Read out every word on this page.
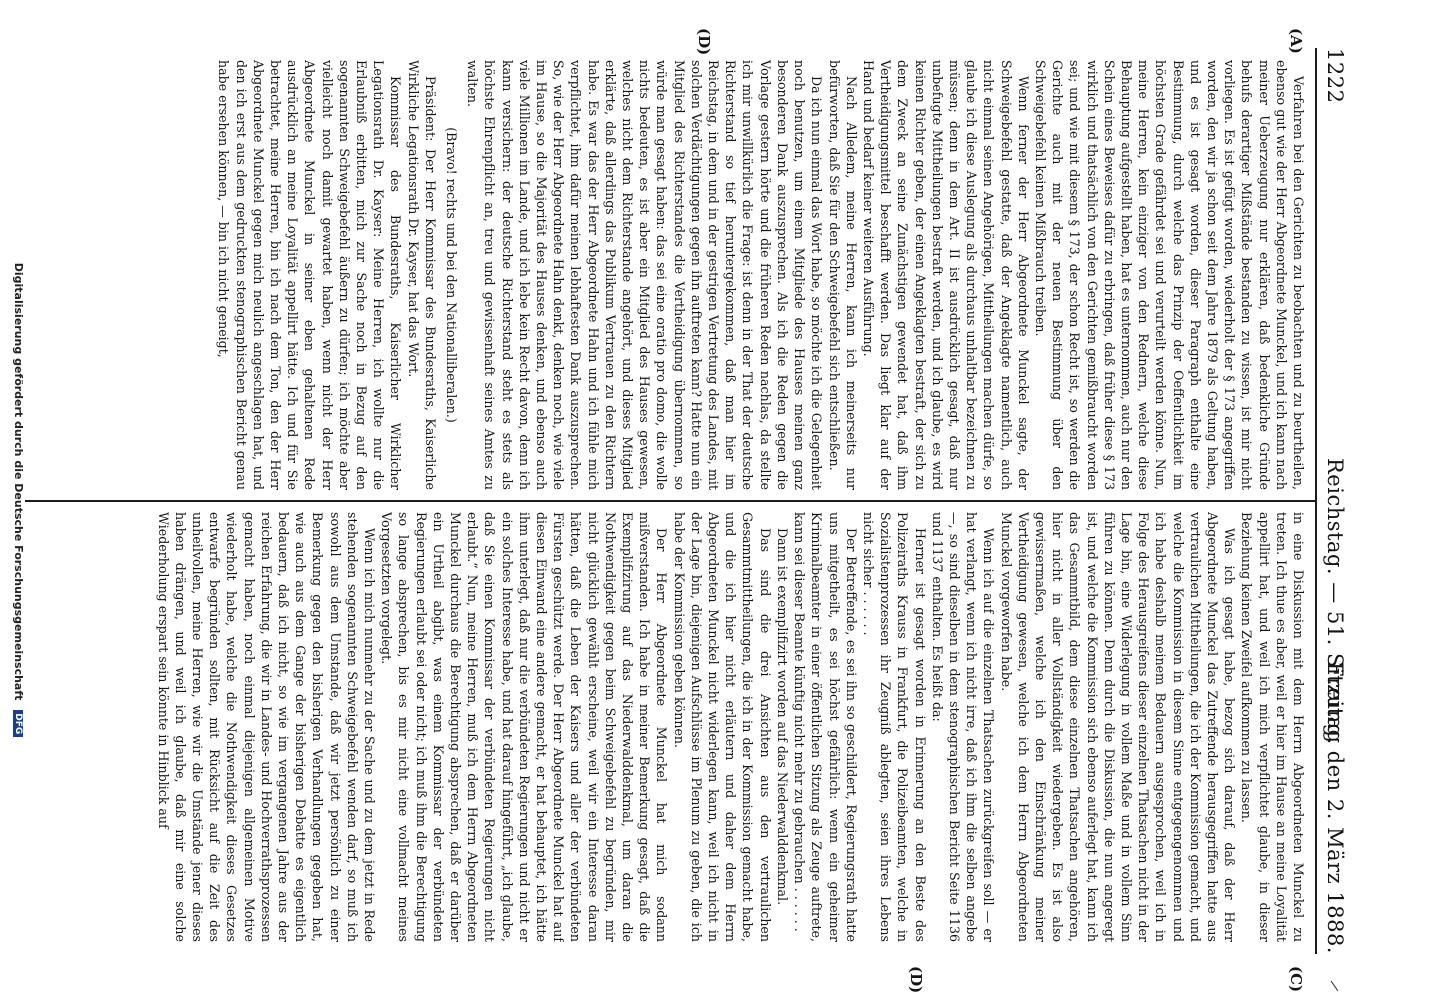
1222
Reichstag. — 51. Sitzung.
Freitag den 2. März 1888.
(A)
(D)
(C)
(D)

Verfahren bei den Gerichten zu beobachten und zu beurtheilen, ebenso gut wie der Herr Abgeordnete Munckel, und ich kann nach meiner Ueberzeugung nur erklären, daß bedenkliche Gründe behufs derartiger Mißstände bestanden zu wissen, ist mir nicht vorliegen. Es ist gefügt worden, wiederholt der § 173 angegriffen worden, den wir ja schon seit dem Jahre 1879 als Geltung haben, und es ist gesagt worden, dieser Paragraph enthalte eine Bestimmung, durch welche das Prinzip der Oeffentlichkeit im höchsten Grade gefährdet sei und verurteilt werden könne. Nun, meine Herren, kein einziger von den Rednern, welche diese Behauptung aufgestellt haben, hat es unternommen, auch nur den Schein eines Beweises dafür zu erbringen, daß früher diese § 173 wirklich und thatsächlich von den Gerichten gemißbraucht worden sei; und wie mit diesem § 173, der schon Recht ist, so werden die Gerichte auch mit der neuen Bestimmung über den Schweigebefehl keinen Mißbrauch treiben.

Wenn ferner der Herr Abgeordnete Munckel sagte, der Schweigebefehl gestatte, daß der Angeklagte namentlich, auch nicht einmal seinen Angehörigen, Mittheilungen machen dürfe, so glaube ich diese Auslegung als durchaus unhaltbar bezeichnen zu müssen; denn in dem Art. II ist ausdrücklich gesagt, daß nur unbefugte Mittheilungen bestraft werden, und ich glaube, es wird keinen Richter geben, der einen Angeklagten bestraft, der sich zu dem Zweck an seine Zunächstigen gewendet hat, daß ihm Vertheidigungsmittel beschafft werden. Das liegt klar auf der Hand und bedarf keiner weiteren Ausführung.

Nach Alledem, meine Herren, kann ich meinerseits nur befürworten, daß Sie für den Schweigebefehl sich entschließen.

Da ich nun einmal das Wort habe, so möchte ich die Gelegenheit noch benutzen, um einem Mitgliede des Hauses meinen ganz besonderen Dank auszusprechen. Als ich die Reden gegen die Vorlage gestern hörte und die früheren Reden nachlas, da stellte ich mir unwillkürlich die Frage: ist denn in der That der deutsche Richterstand so tief heruntergekommen, daß man hier im Reichstag, in dem und in der gestrigen Vertretung des Landes, mit solchen Verdächtigungen gegen ihn auftreten kann? Hatte nun ein Mitglied des Richterstandes die Vertheidigung übernommen, so würde man gesagt haben: das sei eine oratio pro domo, die wolle nichts bedeuten, es ist aber ein Mitglied des Hauses gewesen, welches nicht dem Richterstande angehört, und dieses Mitglied erklärte, daß allerdings das Publikum Vertrauen zu den Richtern habe. Es war das der Herr Abgeordnete Hahn und ich fühle mich verpflichtet, ihm dafür meinen lebhaftesten Dank auszusprechen. So, wie der Herr Abgeordnete Hahn denkt, denken noch, wie viele im Hause, so die Majorität des Hauses denken, und ebenso auch viele Millionen im Lande, und ich lebe kein Recht davon, denn ich kann versichern: der deutsche Richterstand steht es stets als höchste Ehrenpflicht an, treu und gewissenhaft seines Amtes zu walten.

(Bravo! rechts und bei den Nationalliberalen.)

Präsident: Der Herr Kommissar des Bundesraths, Kaiserliche Wirkliche Legationsrath Dr. Kayser, hat das Wort.

Kommissar des Bundesraths, Kaiserlicher Wirklicher Legationsrath Dr. Kayser: Meine Herren, ich wollte nur die Erlaubniß erbitten, mich zur Sache noch in Bezug auf den sogenannten Schweigebefehl äußern zu dürfen; ich möchte aber vielleicht noch damit gewartet haben, wenn nicht der Herr Abgeordnete Munckel in seiner eben gehaltenen Rede ausdrücklich an meine Loyalität appellirt hätte. Ich und für Sie betrachtet, meine Herren, bin ich nach dem Ton, den der Herr Abgeordnete Munckel gegen mich neulich angeschlagen hat, und den ich erst aus dem gedruckten stenographischen Bericht genau habe ersehen können, — bin ich nicht geneigt,

in eine Diskussion mit dem Herrn Abgeordneten Munckel zu treten. Ich thue es aber, weil er hier im Hause an meine Loyalität appellirt hat, und weil ich mich verpflichtet glaube, in dieser Beziehung keinen Zweifel aufkommen zu lassen.

Was ich gesagt habe, bezog sich darauf, daß der Herr Abgeordnete Munckel das Zutreffende herausgegriffen hatte aus vertraulichen Mittheilungen, die ich der Kommission gemacht, und welche die Kommission in diesem Sinne entgegengenommen und ich habe deshalb meinem Bedauern ausgesprochen, weil ich in Folge des Herausgreifens dieser einzelnen Thatsachen nicht in der Lage bin, eine Widerlegung in vollem Maße und in vollem Sinn führen zu können. Denn durch die Diskussion, die nun angeregt ist, und welche die Kommission sich ebenso auferlegt hat, kann ich das Gesammtbild, dem diese einzelnen Thatsachen angehören, hier nicht in aller Vollständigkeit wiedergeben. Es ist also gewissermaßen, welche ich den Einschränkung meiner Vertheidigung gewesen, welche ich dem Herrn Abgeordneten Munckel vorgeworfen habe.

Wenn ich auf die einzelnen Thatsachen zurückgreifen soll — er hat verlangt, wenn ich nicht irre, daß ich ihm die selben angebe —, so sind dieselben in dem stenographischen Bericht Seite 1136 und 1137 enthalten. Es heißt da:

Herner ist gesagt worden in Erinnerung an den Beste des Polizeiraths Krauss in Frankfurt, die Polizeibeamten, welche in Sozialistenprozessen ihr Zeugniß ablegten, seien ihres Lebens nicht sicher . . . . . .

Der Betreffende, es sei ihn so geschildert, Regierungsrath hatte uns mitgetheilt, es sei höchst gefährlich: wenn ein geheimer Kriminalbeamter in einer öffentlichen Sitzung als Zeuge auftrete, kann sei dieser Beamte künftig nicht mehr zu gebrauchen . . . . . .

Dann ist exemplifizirt worden auf das Niederwalddenkmal.

Das sind die drei Ansichten aus den vertraulichen Gesammtmittheilungen, die ich in der Kommission gemacht habe, und die ich hier nicht erläutern und daher dem Herrn Abgeordneten Munckel nicht widerlegen kann, weil ich nicht in der Lage bin, diejenigen Aufschlüsse im Plenum zu geben, die ich habe der Kommission geben können.

Der Herr Abgeordnete Munckel hat mich sodann mißverstanden. Ich habe in meiner Bemerkung gesagt, daß die Exemplifizirung auf das Niederwalddenkmal, um daran die Nothwendigkeit gegen beim Schweigebefehl zu begründen, mir nicht glücklich gewählt erscheine, weil wir ein Interesse daran hätten, daß die Leben der Kaisers und aller der verbündeten Fürsten geschützt werde. Der Herr Abgeordnete Munckel hat auf diesen Einwand eine andere gemacht, er hat behauptet, ich hätte ihm unterlegt, daß nur die verbündeten Regierungen und nicht er ein solches Interesse habe, und hat darauf hingeführt, „ich glaube, daß Sie einen Kommissar der verbündeten Regierungen nicht erlaubt.“ Nun, meine Herren, muß ich dem Herrn Abgeordneten Munckel durchaus die Berechtigung absprechen, daß er darüber ein Urtheil abgibt, was einem Kommissar der verbündeten Regierungen erlaubt sei oder nicht; ich muß ihm die Berechtigung so lange absprechen, bis es mir nicht eine vollmacht meines Vorgesetzten vorgelegt.

Wenn ich mich nunmehr zu der Sache und zu dem jetzt in Rede stehenden sogenannten Schweigebefehl wenden darf, so muß ich sowohl aus dem Umstande, daß wir jetzt persönlich zu einer Bemerkung gegen den bisherigen Verhandlungen gegeben hat, wie auch aus dem Gange der bisherigen Debatte es eigentlich bedauern, daß ich nicht, so wie im vergangenen Jahre aus der reichen Erfahrung, die wir in Landes- und Hochverrathsprozessen gemacht haben, noch einmal diejenigen allgemeinen Motive wiederholt habe, welche die Nothwendigkeit dieses Gesetzes entwarfe begründen sollten, mit Rücksicht auf die Zeit des unheilvollen, meine Herren, wie wir die Umstände jener dieses haben drängen, und weil ich glaube, daß mir eine solche Wiederholung erspart sein könnte in Hinblick auf

Digitalisierung gefördert durch die Deutsche Forschungsgemeinschaft DFG
